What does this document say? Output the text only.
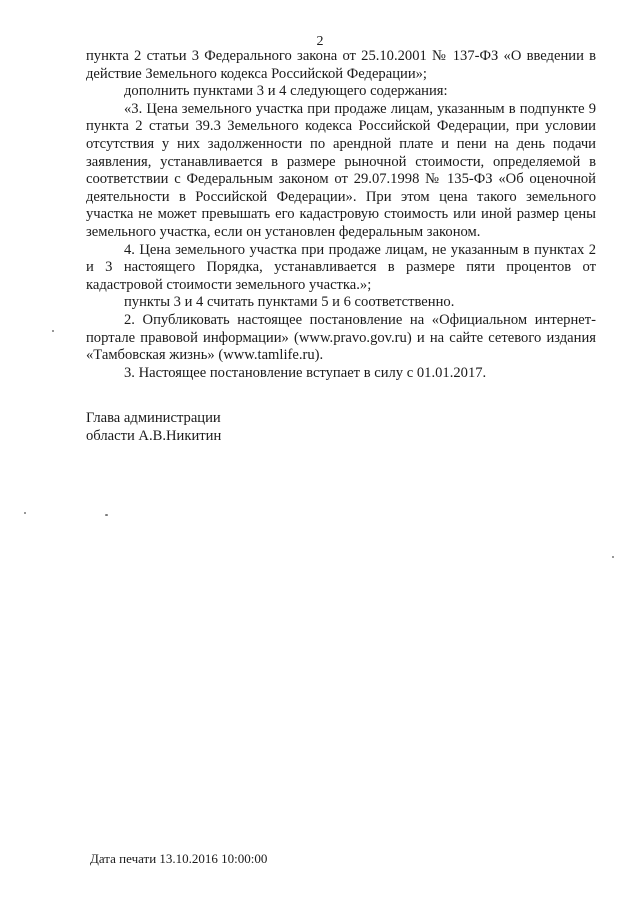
2

пункта 2 статьи 3 Федерального закона от 25.10.2001 № 137-ФЗ «О введении в действие Земельного кодекса Российской Федерации»;

дополнить пунктами 3 и 4 следующего содержания:

«3. Цена земельного участка при продаже лицам, указанным в подпункте 9 пункта 2 статьи 39.3 Земельного кодекса Российской Федерации, при условии отсутствия у них задолженности по арендной плате и пени на день подачи заявления, устанавливается в размере рыночной стоимости, определяемой в соответствии с Федеральным законом от 29.07.1998 № 135-ФЗ «Об оценочной деятельности в Российской Федерации». При этом цена такого земельного участка не может превышать его кадастровую стоимость или иной размер цены земельного участка, если он установлен федеральным законом.

4. Цена земельного участка при продаже лицам, не указанным в пунктах 2 и 3 настоящего Порядка, устанавливается в размере пяти процентов от кадастровой стоимости земельного участка.»;

пункты 3 и 4 считать пунктами 5 и 6 соответственно.

2. Опубликовать настоящее постановление на «Официальном интернет-портале правовой информации» (www.pravo.gov.ru) и на сайте сетевого издания «Тамбовская жизнь» (www.tamlife.ru).

3. Настоящее постановление вступает в силу с 01.01.2017.

Глава администрации
области А.В.Никитин
Дата печати 13.10.2016 10:00:00
